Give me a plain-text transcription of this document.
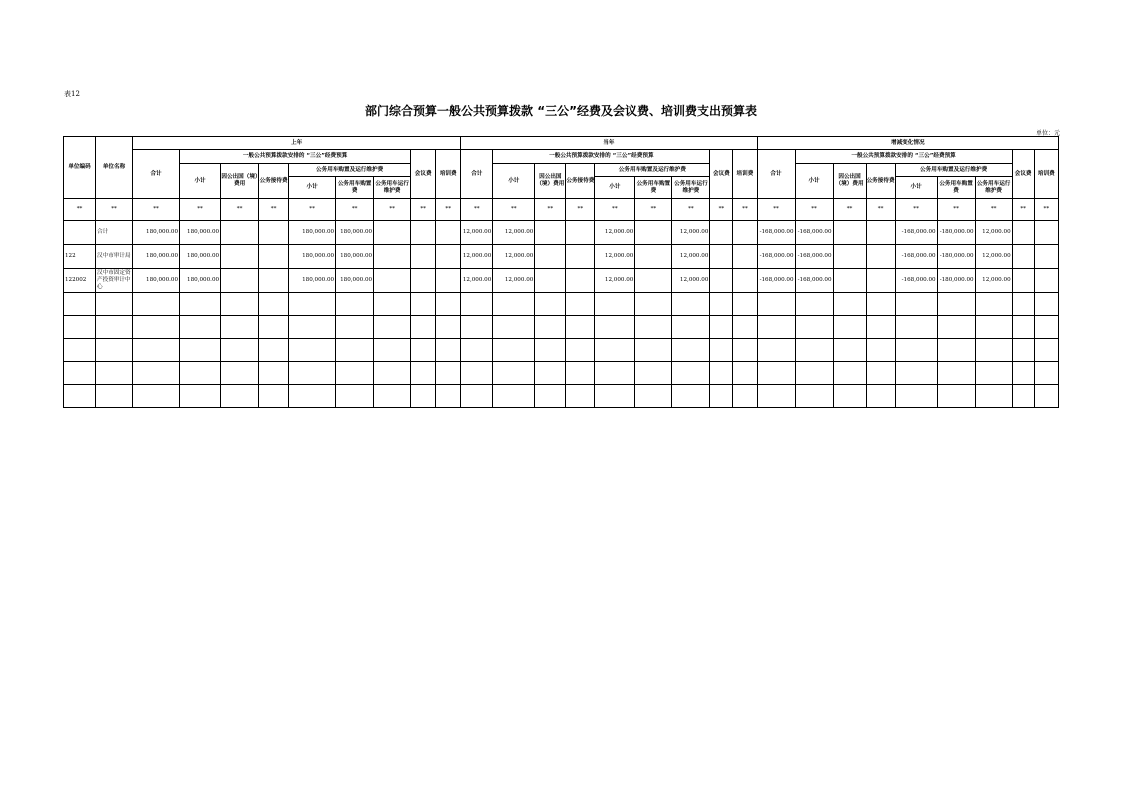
表12
部门综合预算一般公共预算拨款 “三公”经费及会议费、培训费支出预算表
单位：元
单位编码	单位名称	上年									当年									增减变化情况								
		合计	一般公共预算拨款安排的 “三公”经费预算						会议费	培训费	合计	一般公共预算拨款安排的 “三公”经费预算						会议费	培训费	合计	一般公共预算拨款安排的 “三公”经费预算						会议费	培训费
			小计	因公出国（境）费用	公务接待费	公务用车购置及运行维护费						小计	因公出国（境）费用	公务接待费	公务用车购置及运行维护费						小计	因公出国（境）费用	公务接待费	公务用车购置及运行维护费				
						小计	公务用车购置费	公务用车运行维护费							小计	公务用车购置费	公务用车运行维护费							小计	公务用车购置费	公务用车运行维护费		
**	**	**	**	**	**	**	**	**	**	**	**	**	**	**	**	**	**	**	**	**	**	**	**	**	**	**	**	**
	合计	180,000.00	180,000.00			180,000.00	180,000.00				12,000.00	12,000.00			12,000.00		12,000.00			-168,000.00	-168,000.00			-168,000.00	-180,000.00	12,000.00		
122	汉中市审计局	180,000.00	180,000.00			180,000.00	180,000.00				12,000.00	12,000.00			12,000.00		12,000.00			-168,000.00	-168,000.00			-168,000.00	-180,000.00	12,000.00		
122002	汉中市固定资产投资审计中心	180,000.00	180,000.00			180,000.00	180,000.00				12,000.00	12,000.00			12,000.00		12,000.00			-168,000.00	-168,000.00			-168,000.00	-180,000.00	12,000.00		
